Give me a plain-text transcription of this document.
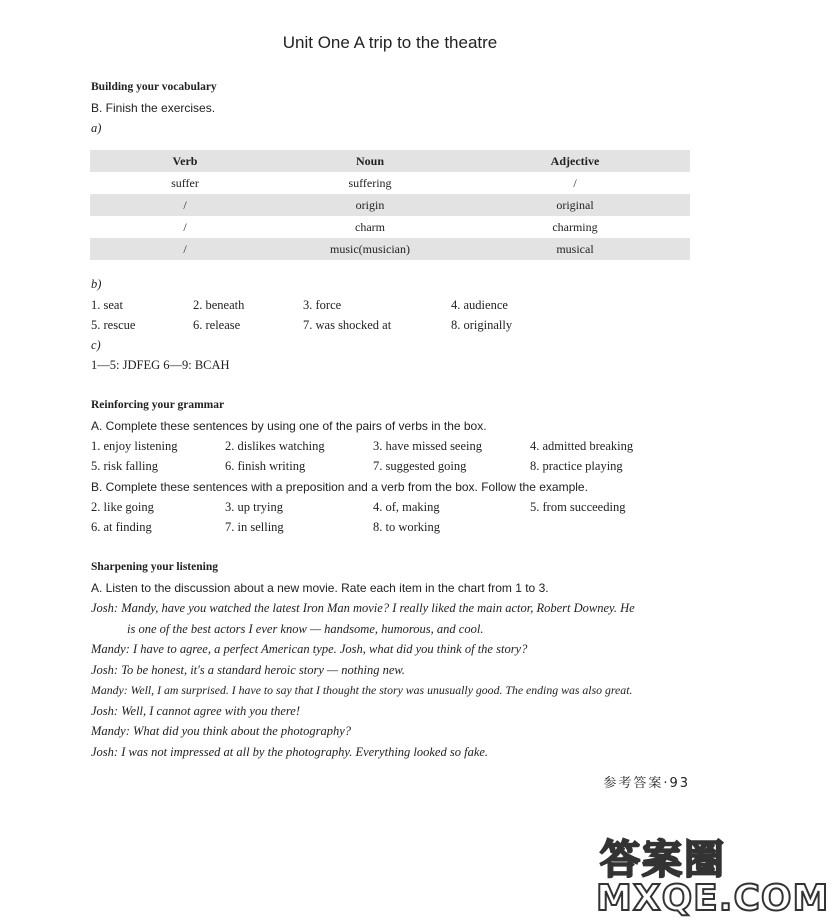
Unit One A trip to the theatre
Building your vocabulary
B. Finish the exercises.
a)
Verb	Noun	Adjective
suffer	suffering	/
/	origin	original
/	charm	charming
/	music(musician)	musical
b)
1. seat	2. beneath	3. force	4. audience
5. rescue	6. release	7. was shocked at	8. originally
c)
1—5: JDFEG 6—9: BCAH
Reinforcing your grammar
A. Complete these sentences by using one of the pairs of verbs in the box.
1. enjoy listening	2. dislikes watching	3. have missed seeing	4. admitted breaking
5. risk falling	6. finish writing	7. suggested going	8. practice playing
B. Complete these sentences with a preposition and a verb from the box. Follow the example.
2. like going	3. up trying	4. of, making	5. from succeeding
6. at finding	7. in selling	8. to working
Sharpening your listening
A. Listen to the discussion about a new movie. Rate each item in the chart from 1 to 3.
Josh: Mandy, have you watched the latest Iron Man movie? I really liked the main actor, Robert Downey. He
is one of the best actors I ever know — handsome, humorous, and cool.
Mandy: I have to agree, a perfect American type. Josh, what did you think of the story?
Josh: To be honest, it's a standard heroic story — nothing new.
Mandy: Well, I am surprised. I have to say that I thought the story was unusually good. The ending was also great.
Josh: Well, I cannot agree with you there!
Mandy: What did you think about the photography?
Josh: I was not impressed at all by the photography. Everything looked so fake.
参考答案·93
答案圈
MXQE.COM
